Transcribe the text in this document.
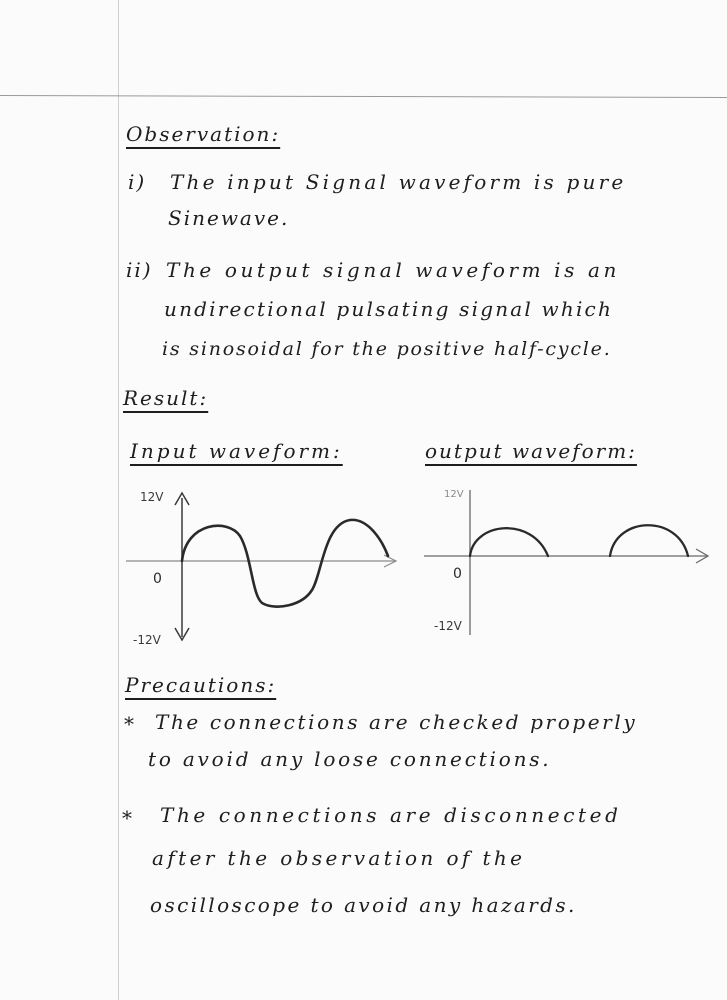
Observation:
i) The input Signal waveform is pure
Sinewave.
ii) The output signal waveform is an
undirectional pulsating signal which
is sinosoidal for the positive half-cycle.
Result:
Input waveform:	output waveform:
12V
0
-12V
12V
0
-12V
Precautions:
* The connections are checked properly
to avoid any loose connections.
* The connections are disconnected
after the observation of the
oscilloscope to avoid any hazards.
